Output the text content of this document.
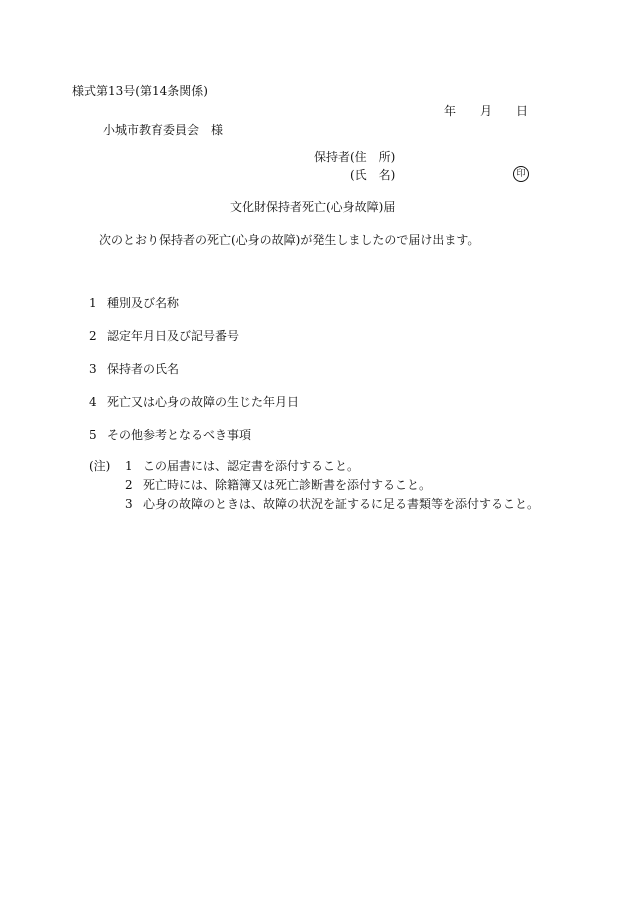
様式第13号(第14条関係)
年 月 日
小城市教育委員会　様
保持者(住　所)
(氏　名)	印
文化財保持者死亡(心身故障)届
次のとおり保持者の死亡(心身の故障)が発生しましたので届け出ます。
1 種別及び名称
2 認定年月日及び記号番号
3 保持者の氏名
4 死亡又は心身の故障の生じた年月日
5 その他参考となるべき事項
(注) 1 この届書には、認定書を添付すること。
2 死亡時には、除籍簿又は死亡診断書を添付すること。
3 心身の故障のときは、故障の状況を証するに足る書類等を添付すること。
